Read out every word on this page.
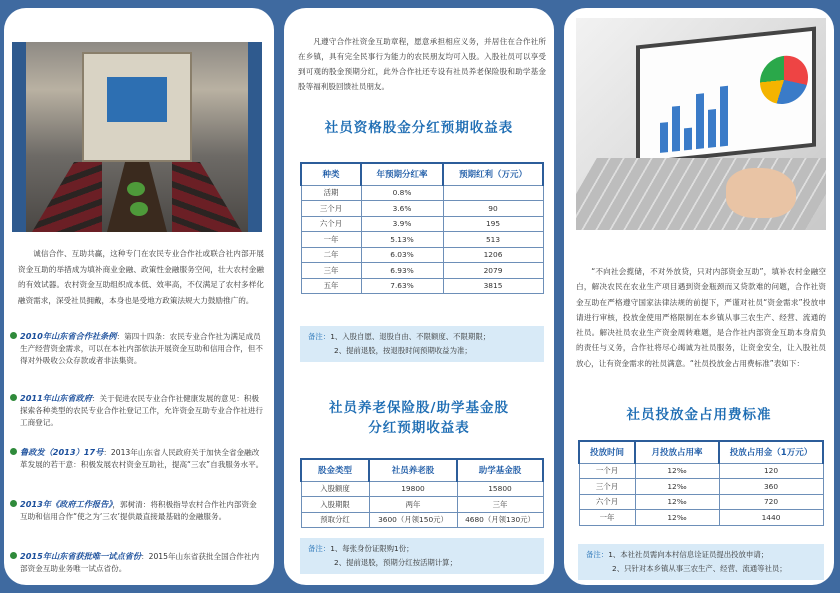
诚信合作、互助共赢，这种专门在农民专业合作社或联合社内部开展资金互助的举措成为填补商业金融、政策性金融服务空间，壮大农村金融的有效试器。农村资金互助组织成本低、效率高，不仅满足了农村多样化融资需求，深受社员拥戴，本身也是受地方政策法规大力鼓励推广的。
2010年山东省合作社条例：第四十四条：农民专业合作社为满足成员生产经营资金需求，可以在本社内部依法开展资金互助和信用合作，但不得对外吸收公众存款或者非法集资。
2011年山东省政府：关于促进农民专业合作社健康发展的意见：积极探索各种类型的农民专业合作社登记工作，允许资金互助专业合作社进行工商登记。
鲁政发（2013）17号：2013年山东省人民政府关于加快全省金融改革发展的若干意：积极发展农村资金互助社，提高“三农”自我服务水平。
2013年《政府工作报告》，郭树清：将积极指导农村合作社内部资金互助和信用合作“使之为‘三农’提供最直接最基础的金融服务。
2015年山东省获批唯一试点省份：2015年山东省获批全国合作社内部资金互助业务唯一试点省份。
凡遵守合作社资金互助章程，愿意承担相应义务，并居住在合作社所在乡镇，具有完全民事行为能力的农民朋友均可入股。入股社员可以享受到可观的股金预期分红，此外合作社还专设有社员养老保险股和助学基金股等福利股回馈社员朋友。
社员资格股金分红预期收益表
种类	年预期分红率	预期红利（万元）
活期	0.8%	
三个月	3.6%	90
六个月	3.9%	195
一年	5.13%	513
二年	6.03%	1206
三年	6.93%	2079
五年	7.63%	3815
备注：1、入股自愿、退股自由、不限额度、不限期限；
2、提前退股，按退股时间预期收益为准；
社员养老保险股/助学基金股
分红预期收益表
股金类型	社员养老股	助学基金股
入股额度	19800	15800
入股期限	两年	三年
预取分红	3600（月领150元）	4680（月领130元）
备注：1、每张身份证限购1份；
2、提前退股，预期分红按活期计算；
“不向社会揽储，不对外放贷，只对内部资金互助”，填补农村金融空白，解决农民在农业生产项目遇到资金瓶颈而又贷款难的问题，合作社资金互助在严格遵守国家法律法规的前提下，严谨对社员“资金需求”投放申请进行审核，投放金使用严格限制在本乡镇从事三农生产、经营、流通的社员。解决社员农业生产资金周转难题，是合作社内部资金互助本身肩负的责任与义务，合作社将尽心竭诚为社员服务，让资金安全，让入股社员放心，让有资金需求的社员满意。“社员投放金占用费标准”表如下：
社员投放金占用费标准
投放时间	月投放占用率	投放占用金（1万元）
一个月	12‰	120
三个月	12‰	360
六个月	12‰	720
一年	12‰	1440
备注：1、本社社员需向本村信息诠证员提出投放申请；
2、只针对本乡镇从事三农生产、经营、流通等社员；
